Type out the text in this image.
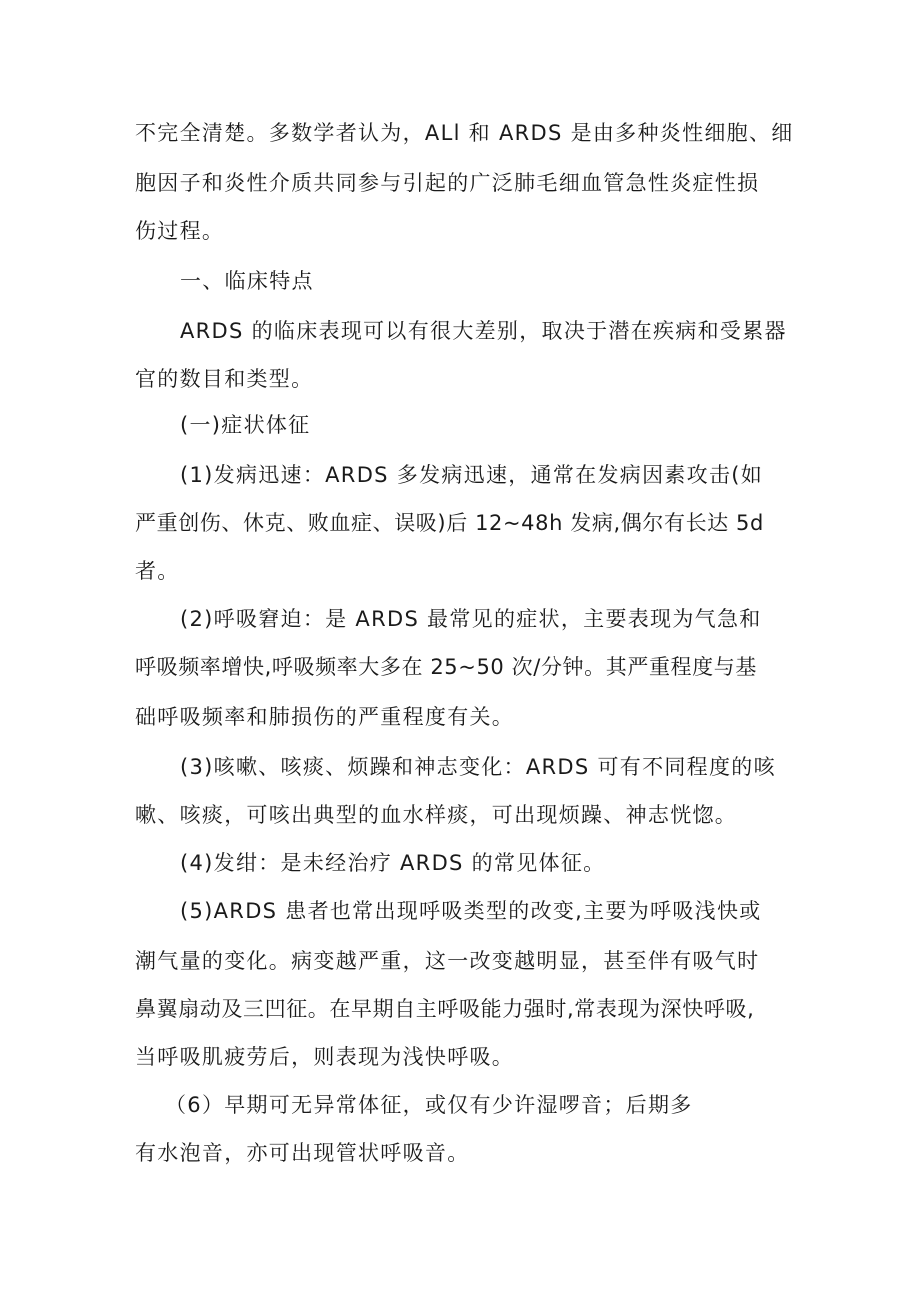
不完全清楚。多数学者认为，ALl 和 ARDS 是由多种炎性细胞、细
胞因子和炎性介质共同参与引起的广泛肺毛细血管急性炎症性损
伤过程。
一、临床特点
ARDS 的临床表现可以有很大差别，取决于潜在疾病和受累器
官的数目和类型。
(一)症状体征
(1)发病迅速：ARDS 多发病迅速，通常在发病因素攻击(如
严重创伤、休克、败血症、误吸)后 12~48h 发病,偶尔有长达 5d
者。
(2)呼吸窘迫：是 ARDS 最常见的症状，主要表现为气急和
呼吸频率增快,呼吸频率大多在 25~50 次/分钟。其严重程度与基
础呼吸频率和肺损伤的严重程度有关。
(3)咳嗽、咳痰、烦躁和神志变化：ARDS 可有不同程度的咳
嗽、咳痰，可咳出典型的血水样痰，可出现烦躁、神志恍惚。
(4)发绀：是未经治疗 ARDS 的常见体征。
(5)ARDS 患者也常出现呼吸类型的改变,主要为呼吸浅快或
潮气量的变化。病变越严重，这一改变越明显，甚至伴有吸气时
鼻翼扇动及三凹征。在早期自主呼吸能力强时,常表现为深快呼吸,
当呼吸肌疲劳后，则表现为浅快呼吸。
（6）早期可无异常体征，或仅有少许湿啰音；后期多
有水泡音，亦可出现管状呼吸音。
